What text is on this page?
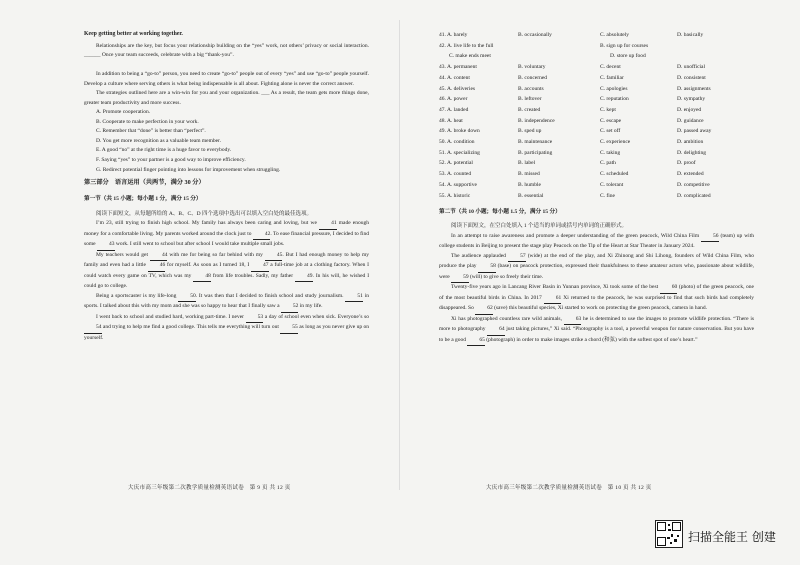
Keep getting better at working together.

Relationships are the key, but focus your relationship building on the “yes” work, not others’ privacy or social interaction. ______ Once your team succeeds, celebrate with a big “thank-you”.

In addition to being a “go-to” person, you need to create “go-to” people out of every “yes” and use “go-to” people yourself. Develop a culture where serving others is what being indispensable is all about. Fighting alone is never the correct answer.

The strategies outlined here are a win-win for you and your organization. ___ As a result, the team gets more things done, greater team productivity and more success.

A. Promote cooperation.

B. Cooperate to make perfection in your work.

C. Remember that “done” is better than “perfect”.

D. You get more recognition as a valuable team member.

E. A good “no” at the right time is a huge favor to everybody.

F. Saying “yes” to your partner is a good way to improve efficiency.

G. Redirect potential finger pointing into lessons for improvement when struggling.

第三部分　语言运用（共两节，满分 30 分）

第一节（共 15 小题；每小题 1 分，满分 15 分）

阅读下面短文，从每题所给的 A、B、C、D 四个选项中选出可以填入空白处的最佳选项。

I’m 23, still trying to finish high school. My family has always been caring and loving, but we	41 made enough money for a comfortable living. My parents worked around the clock just to 42. To ease financial pressure, I decided to find some 43 work. I still went to school but after school I would take multiple small jobs.

My teachers would get	44 with me for being so far behind with my	45. But I had enough money to help my family and even had a little	46 for myself. As soon as I turned 18, I	47 a full-time job at a clothing factory. When I could watch every game on TV, which was my	48 from life troubles. Sadly, my father	49. In his will, he wished I could go to college.

Being a sportscaster is my life-long	50. It was then that I decided to finish school and study journalism.	51 in sports. I talked about this with my mom and she was so happy to hear that I finally saw a 52 in my life.

I went back to school and studied hard, working part-time. I never 53 a day of school even when sick. Everyone’s so 54 and trying to help me find a good college. This tells me everything will turn out 55 as long as you never give up on yourself.

大庆市高三年级第二次教学质量检测英语试卷　第 9 页 共 12 页
41. A. barely	B. occasionally	C. absolutely	D. basically
42. A. live life to the full	B. sign up for courses
C. make ends meet	D. store up food
43. A. permanent	B. voluntary	C. decent	D. unofficial
44. A. content	B. concerned	C. familiar	D. consistent
45. A. deliveries	B. accounts	C. apologies	D. assignments
46. A. power	B. leftover	C. reputation	D. sympathy
47. A. landed	B. created	C. kept	D. enjoyed
48. A. heat	B. independence	C. escape	D. guidance
49. A. broke down	B. sped up	C. set off	D. passed away
50. A. condition	B. maintenance	C. experience	D. ambition
51. A. specializing	B. participating	C. taking	D. delighting
52. A. potential	B. label	C. path	D. proof
53. A. counted	B. missed	C. scheduled	D. extended
54. A. supportive	B. humble	C. tolerant	D. competitive
55. A. historic	B. essential	C. fine	D. complicated

第二节（共 10 小题；每小题 1.5 分，满分 15 分）

阅读下面短文，在空白处填入 1 个适当的单词或括号内单词的正确形式。

In an attempt to raise awareness and promote a deeper understanding of the green peacock, Wild China Film	56 (team) up with college students in Beijing to present the stage play Peacock on the Tip of the Heart at Star Theater in January 2024.

The audience applauded	57 (wide) at the end of the play, and Xi Zhinong and Shi Lihong, founders of Wild China Film, who produce the play	58 (base) on peacock protection, expressed their thankfulness to these amateur actors who, passionate about wildlife, were 59 (will) to give so freely their time.

Twenty-five years ago in Lancang River Basin in Yunnan province, Xi took some of the best 60 (photo) of the green peacock, one of the most beautiful birds in China. In 2017	61 Xi returned to the peacock, he was surprised to find that such birds had completely disappeared. So 62 (save) this beautiful species, Xi started to work on protecting the green peacock, camera in hand.

Xi has photographed countless rare wild animals,	63 he is determined to use the images to promote wildlife protection. “There is more to photography 64 just taking pictures,” Xi said. “Photography is a tool, a powerful weapon for nature conservation. But you have to be a good 65 (photograph) in order to make images strike a chord (和弦) with the softest spot of one’s heart.”

大庆市高三年级第二次教学质量检测英语试卷　第 10 页 共 12 页
扫描全能王 创建
